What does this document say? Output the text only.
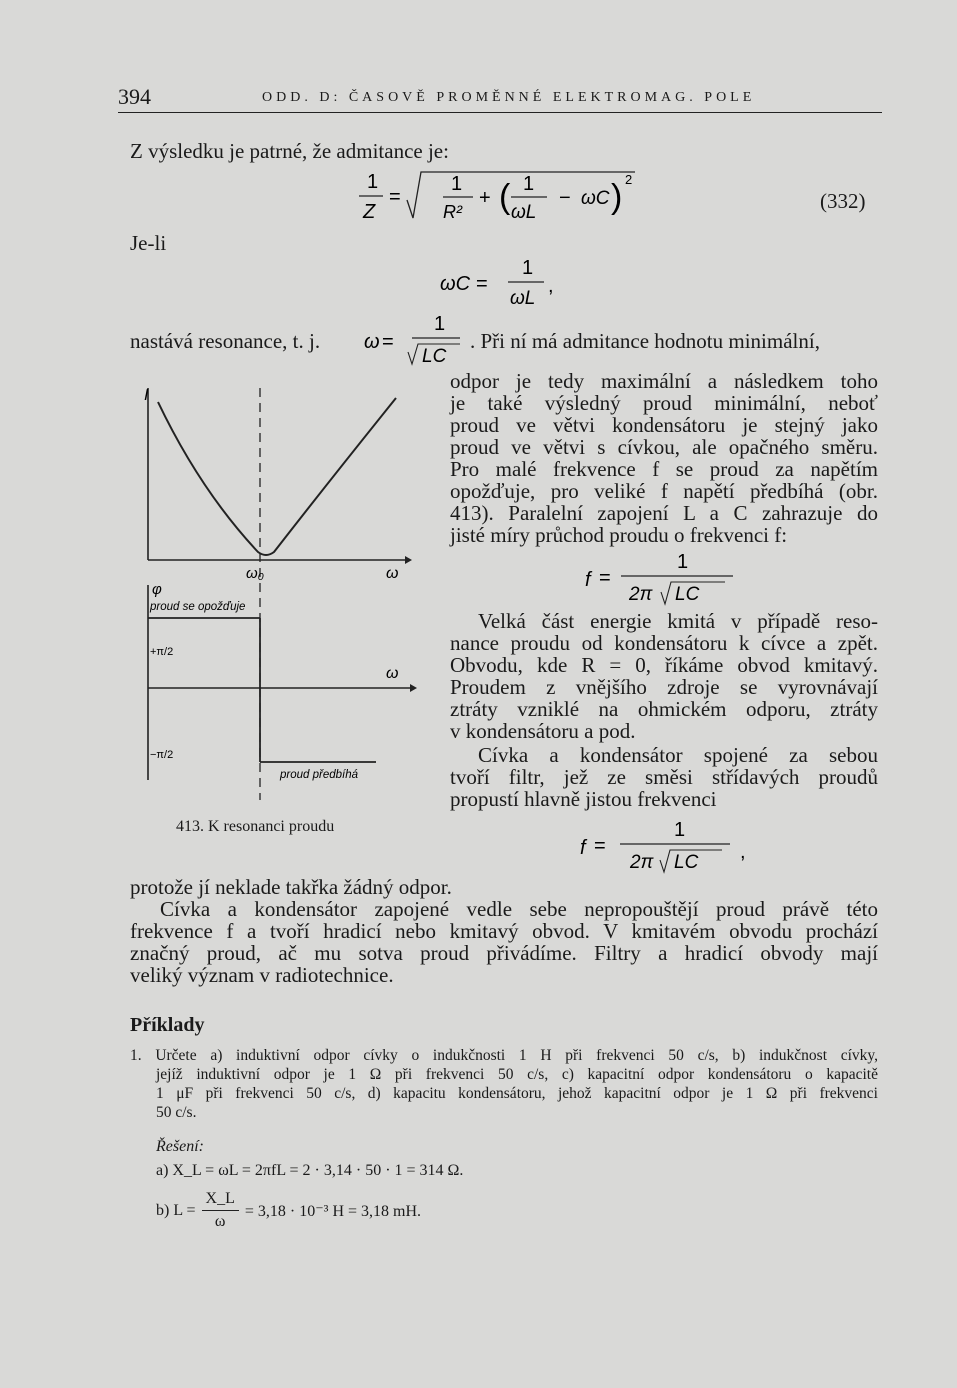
394	ODD. D: ČASOVĚ PROMĚNNÉ ELEKTROMAG. POLE
Z výsledku je patrné, že admitance je:
1
Z
=
1
R²
+ ( 1
ωL
− ωC ) 2
(332)
Je-li
ωC =
1
ωL
,
nastává resonance, t. j. ω =
1
LC
. Při ní má admitance hodnotu minimální,
odpor je tedy maximální a následkem toho
je také výsledný proud minimální, neboť
proud ve větvi kondensátoru je stejný jako
proud ve větvi s cívkou, ale opačného směru.
Pro malé frekvence f se proud za napětím
opožďuje, pro veliké f napětí předbíhá (obr.
413). Paralelní zapojení L a C zahrazuje do
jisté míry průchod proudu o frekvenci f:
f =
1
2π LC
Velká část energie kmitá v případě reso-
nance proudu od kondensátoru k cívce a zpět.
Obvodu, kde R = 0, říkáme obvod kmitavý.
Proudem z vnějšího zdroje se vyrovnávají
ztráty vzniklé na ohmickém odporu, ztráty
v kondensátoru a pod.
Cívka a kondensátor spojené za sebou
tvoří filtr, jež ze směsi střídavých proudů
propustí hlavně jistou frekvenci
f =
1
2π LC ,
I
ω₀	ω
φ
proud se opožďuje
ω
+π/2
−π/2
proud předbíhá
413. K resonanci proudu
protože jí neklade takřka žádný odpor.
Cívka a kondensátor zapojené vedle sebe nepropouštějí proud právě této
frekvence f a tvoří hradicí nebo kmitavý obvod. V kmitavém obvodu prochází
značný proud, ač mu sotva proud přivádíme. Filtry a hradicí obvody mají
veliký význam v radiotechnice.
Příklady
1. Určete a) induktivní odpor cívky o indukčnosti 1 H při frekvenci 50 c/s, b) indukčnost cívky,
jejíž induktivní odpor je 1 Ω při frekvenci 50 c/s, c) kapacitní odpor kondensátoru o kapacitě
1 μF při frekvenci 50 c/s, d) kapacitu kondensátoru, jehož kapacitní odpor je 1 Ω při frekvenci
50 c/s.
Řešení:
a) X_L = ωL = 2πfL = 2 · 3,14 · 50 · 1 = 314 Ω.
b) $L = \frac{X\_L}{\omega} = 3,18 \cdot 10^{-3}$ H = 3,18 mH.
